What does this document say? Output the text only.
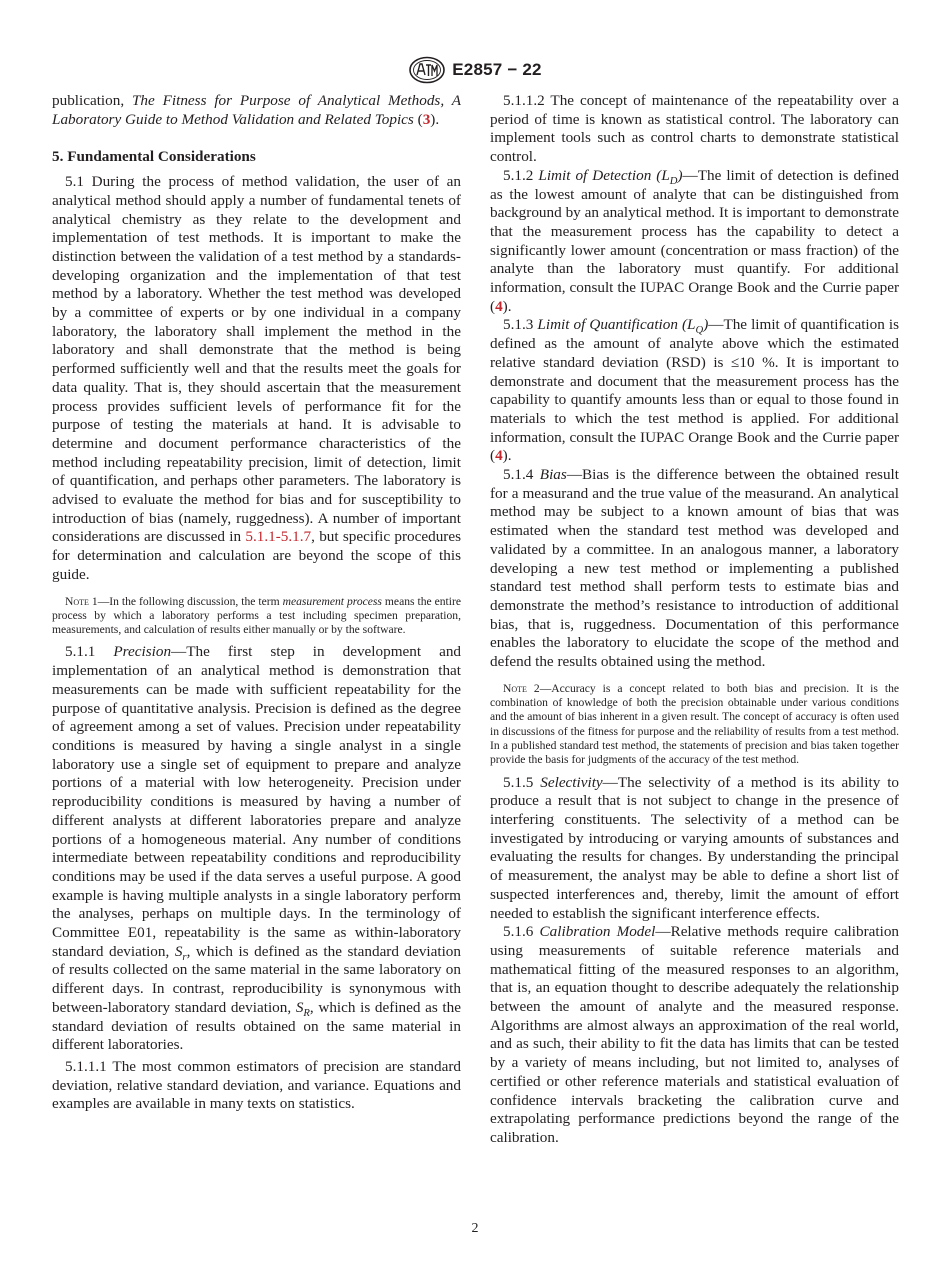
E2857 − 22

publication, The Fitness for Purpose of Analytical Methods, A Laboratory Guide to Method Validation and Related Topics (3).

5. Fundamental Considerations

5.1 During the process of method validation, the user of an analytical method should apply a number of fundamental tenets of analytical chemistry as they relate to the development and implementation of test methods. It is important to make the distinction between the validation of a test method by a standards-developing organization and the implementation of that test method by a laboratory. Whether the test method was developed by a committee of experts or by one individual in a company laboratory, the laboratory shall implement the method in the laboratory and shall demonstrate that the method is being performed sufficiently well and that the results meet the goals for data quality. That is, they should ascertain that the measurement process provides sufficient levels of performance fit for the purpose of testing the materials at hand. It is advisable to determine and document performance characteristics of the method including repeatability precision, limit of detection, limit of quantification, and perhaps other parameters. The laboratory is advised to evaluate the method for bias and for susceptibility to introduction of bias (namely, ruggedness). A number of important considerations are discussed in 5.1.1-5.1.7, but specific procedures for determination and calculation are beyond the scope of this guide.

Note 1—In the following discussion, the term measurement process means the entire process by which a laboratory performs a test including specimen preparation, measurements, and calculation of results either manually or by the software.

5.1.1 Precision—The first step in development and implementation of an analytical method is demonstration that measurements can be made with sufficient repeatability for the purpose of quantitative analysis. Precision is defined as the degree of agreement among a set of values. Precision under repeatability conditions is measured by having a single analyst in a single laboratory use a single set of equipment to prepare and analyze portions of a material with low heterogeneity. Precision under reproducibility conditions is measured by having a number of different analysts at different laboratories prepare and analyze portions of a homogeneous material. Any number of conditions intermediate between repeatability conditions and reproducibility conditions may be used if the data serves a useful purpose. A good example is having multiple analysts in a single laboratory perform the analyses, perhaps on multiple days. In the terminology of Committee E01, repeatability is the same as within-laboratory standard deviation, $S_r$, which is defined as the standard deviation of results collected on the same material in the same laboratory on different days. In contrast, reproducibility is synonymous with between-laboratory standard deviation, $S_R$, which is defined as the standard deviation of results obtained on the same material in different laboratories.

5.1.1.1 The most common estimators of precision are standard deviation, relative standard deviation, and variance. Equations and examples are available in many texts on statistics.

5.1.1.2 The concept of maintenance of the repeatability over a period of time is known as statistical control. The laboratory can implement tools such as control charts to demonstrate statistical control.

5.1.2 Limit of Detection $(L_D)—The$ limit of detection is defined as the lowest amount of analyte that can be distinguished from background by an analytical method. It is important to demonstrate that the measurement process has the capability to detect a significantly lower amount (concentration or mass fraction) of the analyte than the laboratory must quantify. For additional information, consult the IUPAC Orange Book and the Currie paper (4).

5.1.3 Limit of Quantification $(L_Q)—The$ limit of quantification is defined as the amount of analyte above which the estimated relative standard deviation (RSD) is ≤10 %. It is important to demonstrate and document that the measurement process has the capability to quantify amounts less than or equal to those found in materials to which the test method is applied. For additional information, consult the IUPAC Orange Book and the Currie paper (4).

5.1.4 Bias—Bias is the difference between the obtained result for a measurand and the true value of the measurand. An analytical method may be subject to a known amount of bias that was estimated when the standard test method was developed and validated by a committee. In an analogous manner, a laboratory developing a new test method or implementing a published standard test method shall perform tests to estimate bias and demonstrate the method’s resistance to introduction of additional bias, that is, ruggedness. Documentation of this performance enables the laboratory to elucidate the scope of the method and defend the results obtained using the method.

Note 2—Accuracy is a concept related to both bias and precision. It is the combination of knowledge of both the precision obtainable under various conditions and the amount of bias inherent in a given result. The concept of accuracy is often used in discussions of the fitness for purpose and the reliability of results from a test method. In a published standard test method, the statements of precision and bias taken together provide the basis for judgments of the accuracy of the test method.

5.1.5 Selectivity—The selectivity of a method is its ability to produce a result that is not subject to change in the presence of interfering constituents. The selectivity of a method can be investigated by introducing or varying amounts of substances and evaluating the results for changes. By understanding the principal of measurement, the analyst may be able to define a short list of suspected interferences and, thereby, limit the amount of effort needed to establish the significant interference effects.

5.1.6 Calibration Model—Relative methods require calibration using measurements of suitable reference materials and mathematical fitting of the measured responses to an algorithm, that is, an equation thought to describe adequately the relationship between the amount of analyte and the measured response. Algorithms are almost always an approximation of the real world, and as such, their ability to fit the data has limits that can be tested by a variety of means including, but not limited to, analyses of certified or other reference materials and statistical evaluation of confidence intervals bracketing the calibration curve and extrapolating performance predictions beyond the range of the calibration.

2
